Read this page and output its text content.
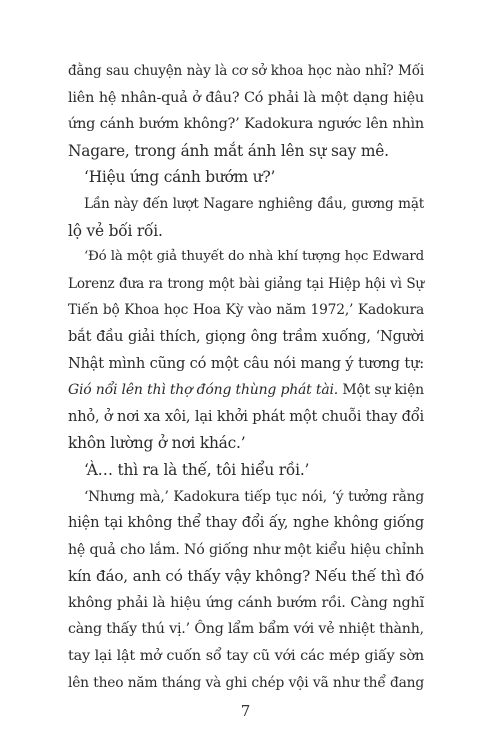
đằng sau chuyện này là cơ sở khoa học nào nhỉ? Mối
liên hệ nhân-quả ở đâu? Có phải là một dạng hiệu
ứng cánh bướm không?’ Kadokura ngước lên nhìn
Nagare, trong ánh mắt ánh lên sự say mê.
‘Hiệu ứng cánh bướm ư?’
Lần này đến lượt Nagare nghiêng đầu, gương mặt
lộ vẻ bối rối.
‘Đó là một giả thuyết do nhà khí tượng học Edward
Lorenz đưa ra trong một bài giảng tại Hiệp hội vì Sự
Tiến bộ Khoa học Hoa Kỳ vào năm 1972,’ Kadokura
bắt đầu giải thích, giọng ông trầm xuống, ‘Người
Nhật mình cũng có một câu nói mang ý tương tự:
Gió nổi lên thì thợ đóng thùng phát tài. Một sự kiện
nhỏ, ở nơi xa xôi, lại khởi phát một chuỗi thay đổi
khôn lường ở nơi khác.’
‘À… thì ra là thế, tôi hiểu rồi.’
‘Nhưng mà,’ Kadokura tiếp tục nói, ‘ý tưởng rằng
hiện tại không thể thay đổi ấy, nghe không giống
hệ quả cho lắm. Nó giống như một kiểu hiệu chỉnh
kín đáo, anh có thấy vậy không? Nếu thế thì đó
không phải là hiệu ứng cánh bướm rồi. Càng nghĩ
càng thấy thú vị.’ Ông lẩm bẩm với vẻ nhiệt thành,
tay lại lật mở cuốn sổ tay cũ với các mép giấy sờn
lên theo năm tháng và ghi chép vội vã như thể đang
7
